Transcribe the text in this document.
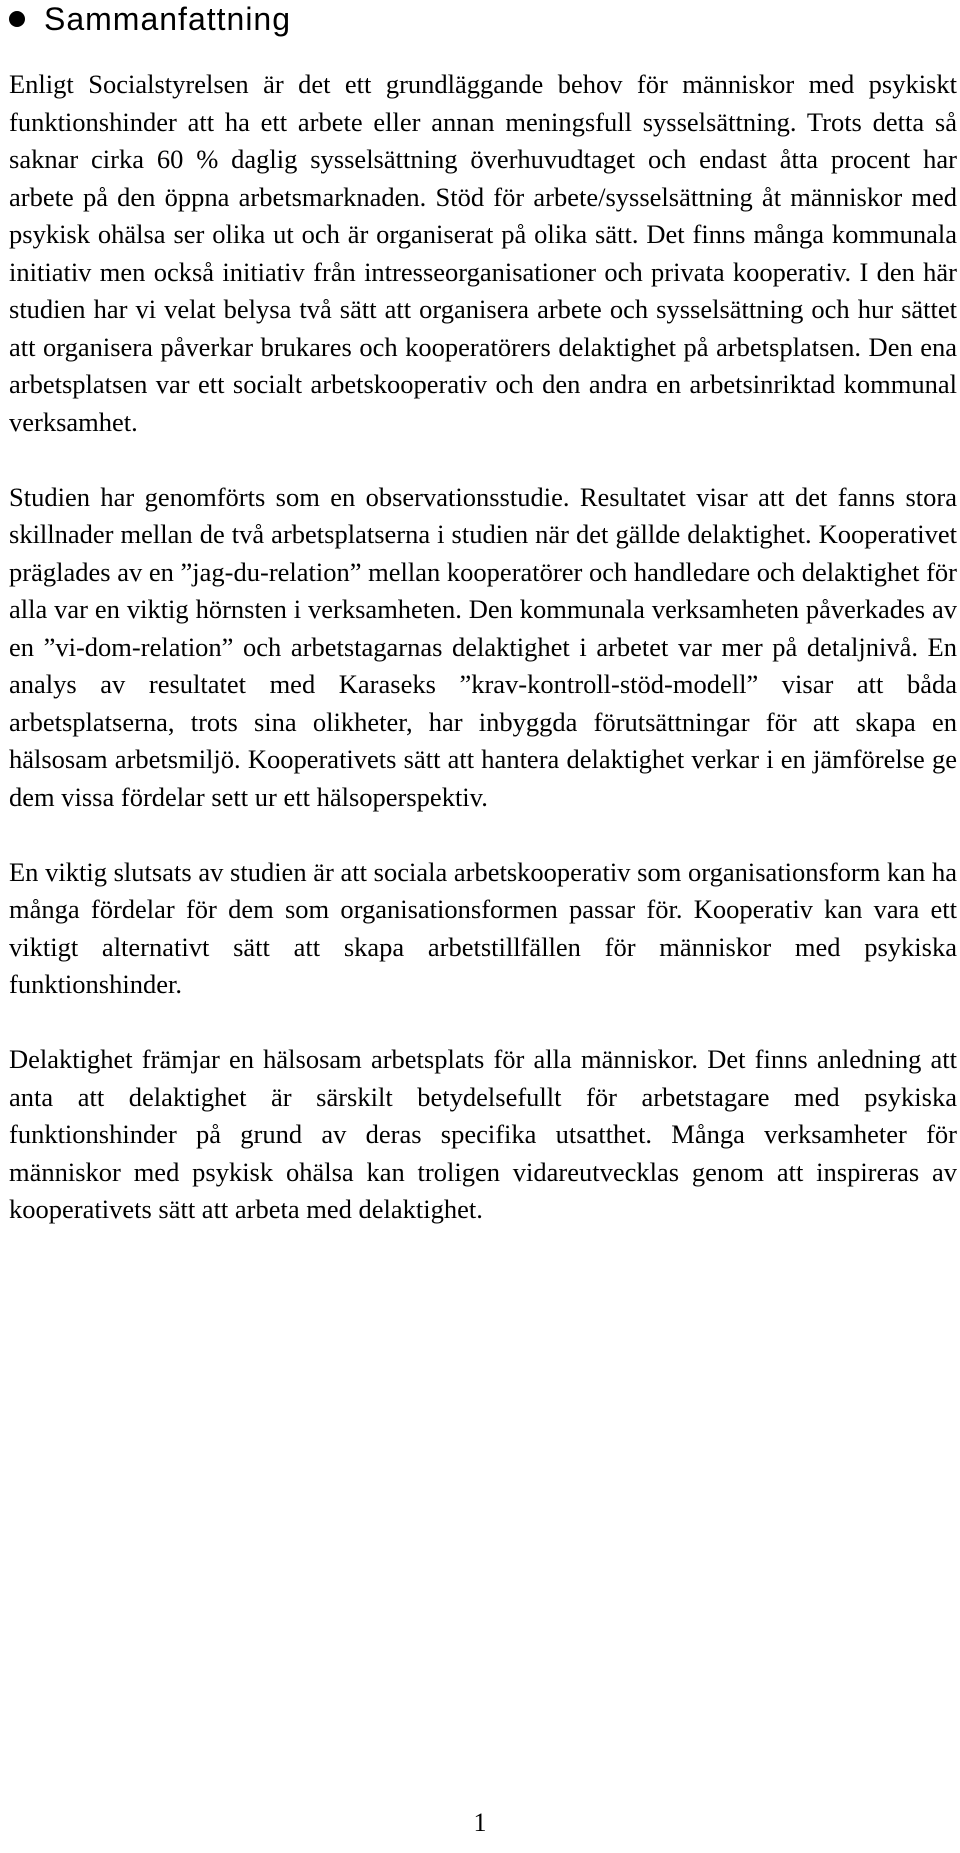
Sammanfattning

Enligt Socialstyrelsen är det ett grundläggande behov för människor med psykiskt funktionshinder att ha ett arbete eller annan meningsfull sysselsättning. Trots detta så saknar cirka 60 % daglig sysselsättning överhuvudtaget och endast åtta procent har arbete på den öppna arbetsmarknaden. Stöd för arbete/sysselsättning åt människor med psykisk ohälsa ser olika ut och är organiserat på olika sätt. Det finns många kommunala initiativ men också initiativ från intresseorganisationer och privata kooperativ. I den här studien har vi velat belysa två sätt att organisera arbete och sysselsättning och hur sättet att organisera påverkar brukares och kooperatörers delaktighet på arbetsplatsen. Den ena arbetsplatsen var ett socialt arbetskooperativ och den andra en arbetsinriktad kommunal verksamhet.

Studien har genomförts som en observationsstudie. Resultatet visar att det fanns stora skillnader mellan de två arbetsplatserna i studien när det gällde delaktighet. Kooperativet präglades av en ”jag-du-relation” mellan kooperatörer och handledare och delaktighet för alla var en viktig hörnsten i verksamheten. Den kommunala verksamheten påverkades av en ”vi-dom-relation” och arbetstagarnas delaktighet i arbetet var mer på detaljnivå. En analys av resultatet med Karaseks ”krav-kontroll-stöd-modell” visar att båda arbetsplatserna, trots sina olikheter, har inbyggda förutsättningar för att skapa en hälsosam arbetsmiljö. Kooperativets sätt att hantera delaktighet verkar i en jämförelse ge dem vissa fördelar sett ur ett hälsoperspektiv.

En viktig slutsats av studien är att sociala arbetskooperativ som organisationsform kan ha många fördelar för dem som organisationsformen passar för. Kooperativ kan vara ett viktigt alternativt sätt att skapa arbetstillfällen för människor med psykiska funktionshinder.

Delaktighet främjar en hälsosam arbetsplats för alla människor. Det finns anledning att anta att delaktighet är särskilt betydelsefullt för arbetstagare med psykiska funktionshinder på grund av deras specifika utsatthet. Många verksamheter för människor med psykisk ohälsa kan troligen vidareutvecklas genom att inspireras av kooperativets sätt att arbeta med delaktighet.

1
